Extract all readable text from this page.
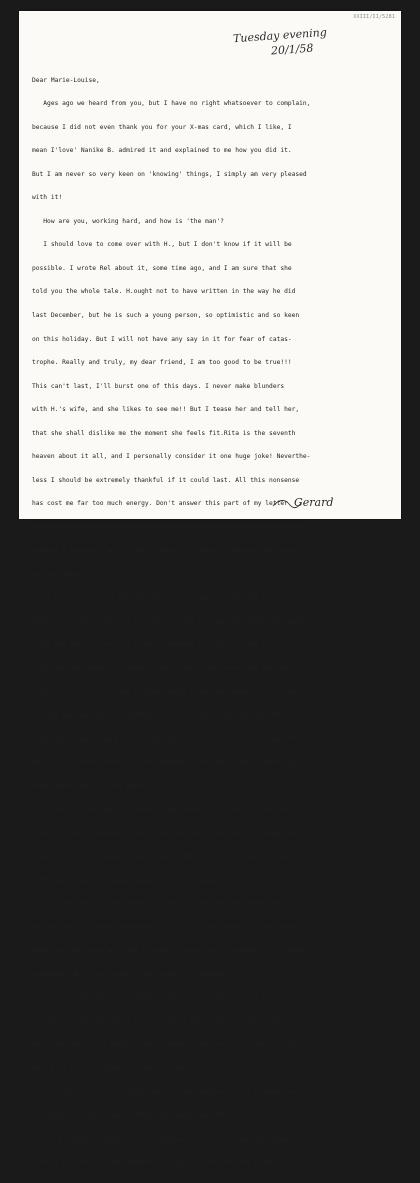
XXIII/II/5281
Tuesday evening
20/1/58

Dear Marie-Louise,

Ages ago we heard from you, but I have no right whatsoever to complain,

because I did not even thank you for your X-mas card, which I like, I

mean I'love' Nanike B. admired it and explained to me how you did it.

But I am never so very keen on 'knowing' things, I simply am very pleased

with it!

How are you, working hard, and how is 'the man'?

I should love to come over with H., but I don't know if it will be

possible. I wrote Rel about it, some time ago, and I am sure that she

told you the whole tale. H.ought not to have written in the way he did

last December, but he is such a young person, so optimistic and so keen

on this holiday. But I will not have any say in it for fear of catas-

trophe. Really and truly, my dear friend, I am too good to be true!!!

This can't last, I'll burst one of this days. I never make blunders

with H.'s wife, and she likes to see me!! But I tease her and tell her,

that she shall dislike me the moment she feels fit.Rita is the seventh

heaven about it all, and I personally consider it one huge joke! Neverthe-

less I should be extremely thankful if it could last. All this nonsense

has cost me far too much energy. Don't answer this part of my letter

because H.has the 'lovely'habit to read all my letters ( nearly all the

letters I receive ) and he has no sense of humour as soon as his wives

are at stake!!

My book is still at the publisher's! Already a month, and he wrote,

that knowing and liking me too well, he can't forget me reading the manus-

cript and feels himself no longer competent to judge it. Now it is mo-

ving from one reader to another, and I feel in my bones that they shall

reject it. H. still thinks it good enough to be published and will take

it from one publisher to another till it is sold. God help him! What a

life. In the meantime I am writing short stories, just to amuse myself.

By the way, short stories are not popular in Holland, people never buy

them. That's why I write them!

If we don't succeed in finding a publisher for my book I shall buy

a small organ, a hand-organ which you can carry, and walk the Rembrandt

plein with it!! because in half a years time I shall not have one penny

left. Never mind, I always believe in living dangerously.

The nasty part of the whole business is, that the publisher was in

the beginning so wildly enthousiastic, and now he tepid. H. says;never

mind this publisher and that I ought to trust his ( Monsieur H.'s I mean)

judgement. But I no longer trust anybody's judgement!

I don't know what is the matter with me but I feel myself in top-form.

( I can't write English, I can't write at all!). Do pray for me that it

will last, because I need it when -perhaps tomorrow - the book is rejec-

ted! I am training myself already for that day!

Do write me, but be careful about'certain'matters! Tell me what you

are doing, and about your mother, and about everything.

Leo B. might be coming over in February. I will let you know when.

Give my love to Nel, and Campbell, a big kiss for you from yours

Gerard
